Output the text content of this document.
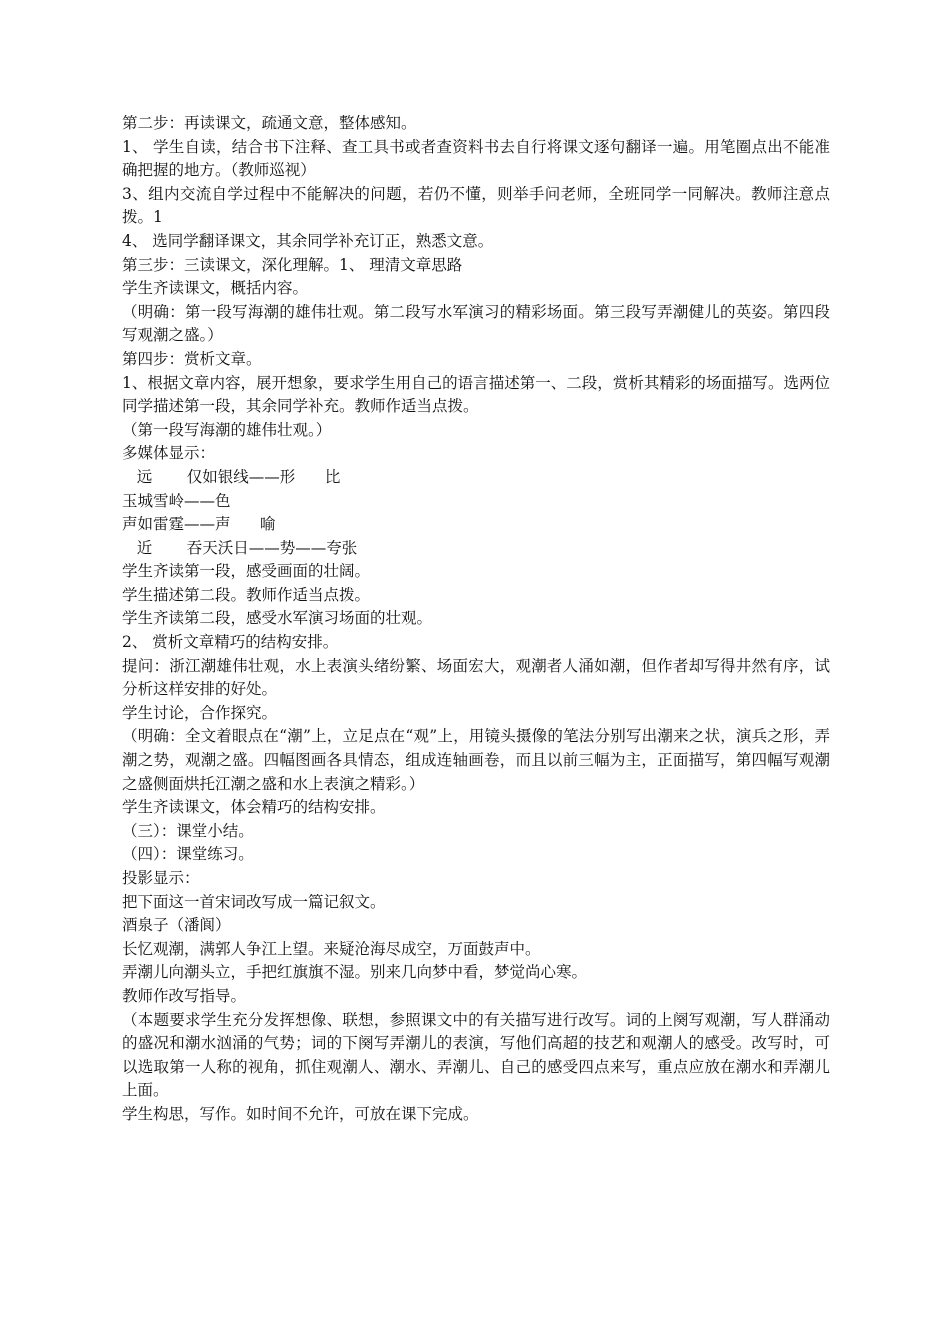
第二步：再读课文，疏通文意，整体感知。
1、 学生自读，结合书下注释、查工具书或者查资料书去自行将课文逐句翻译一遍。用笔圈点出不能准确把握的地方。（教师巡视）
3、组内交流自学过程中不能解决的问题，若仍不懂，则举手问老师，全班同学一同解决。教师注意点拨。1
4、 选同学翻译课文，其余同学补充订正，熟悉文意。
第三步：三读课文，深化理解。1、 理清文章思路
学生齐读课文，概括内容。
（明确：第一段写海潮的雄伟壮观。第二段写水军演习的精彩场面。第三段写弄潮健儿的英姿。第四段写观潮之盛。）
第四步：赏析文章。
1、根据文章内容，展开想象，要求学生用自己的语言描述第一、二段，赏析其精彩的场面描写。选两位同学描述第一段，其余同学补充。教师作适当点拨。
（第一段写海潮的雄伟壮观。）
多媒体显示：
远       仅如银线——形      比
玉城雪岭——色
声如雷霆——声      喻
近       吞天沃日——势——夸张
学生齐读第一段，感受画面的壮阔。
学生描述第二段。教师作适当点拨。
学生齐读第二段，感受水军演习场面的壮观。
2、 赏析文章精巧的结构安排。
提问：浙江潮雄伟壮观，水上表演头绪纷繁、场面宏大，观潮者人涌如潮，但作者却写得井然有序，试分析这样安排的好处。
学生讨论，合作探究。
（明确：全文着眼点在“潮”上，立足点在“观”上，用镜头摄像的笔法分别写出潮来之状，演兵之形，弄潮之势，观潮之盛。四幅图画各具情态，组成连轴画卷，而且以前三幅为主，正面描写，第四幅写观潮之盛侧面烘托江潮之盛和水上表演之精彩。）
学生齐读课文，体会精巧的结构安排。
（三）：课堂小结。
（四）：课堂练习。
投影显示：
把下面这一首宋词改写成一篇记叙文。
酒泉子（潘阆）
长忆观潮，满郭人争江上望。来疑沧海尽成空，万面鼓声中。
弄潮儿向潮头立，手把红旗旗不湿。别来几向梦中看，梦觉尚心寒。
教师作改写指导。
（本题要求学生充分发挥想像、联想，参照课文中的有关描写进行改写。词的上阕写观潮，写人群涌动的盛况和潮水汹涌的气势；词的下阕写弄潮儿的表演，写他们高超的技艺和观潮人的感受。改写时，可以选取第一人称的视角，抓住观潮人、潮水、弄潮儿、自己的感受四点来写，重点应放在潮水和弄潮儿上面。
学生构思，写作。如时间不允许，可放在课下完成。
